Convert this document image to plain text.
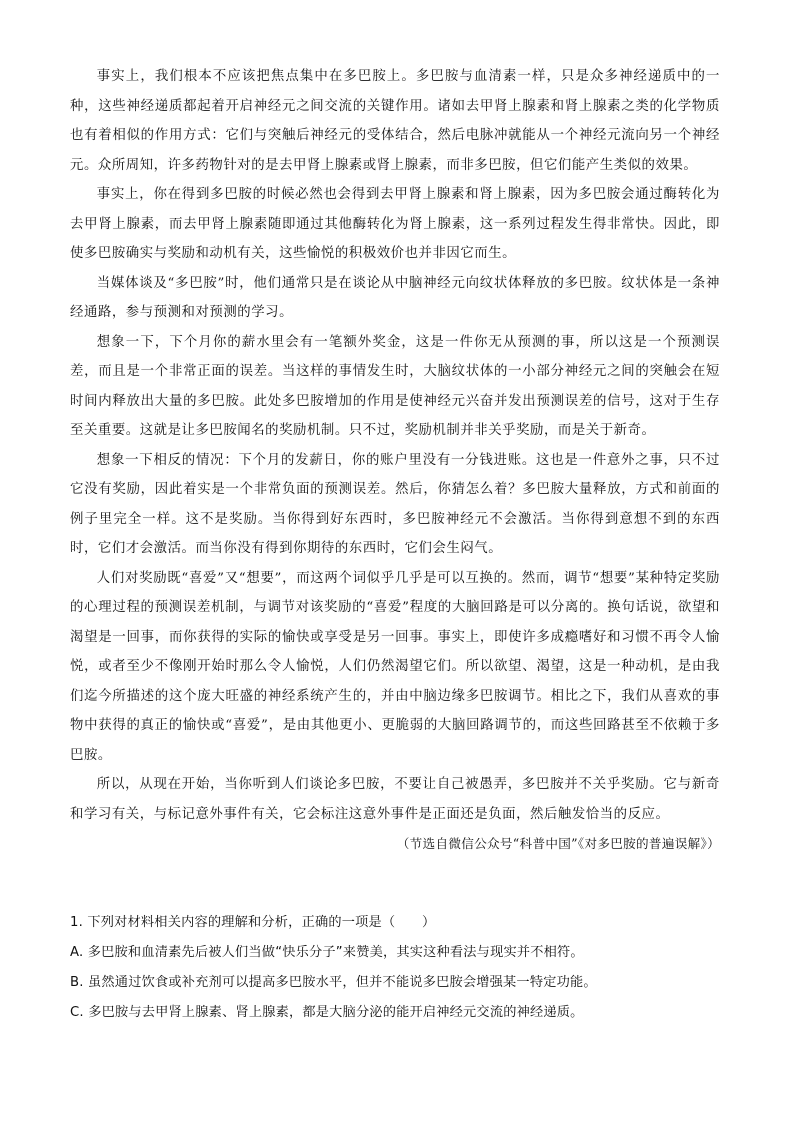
事实上，我们根本不应该把焦点集中在多巴胺上。多巴胺与血清素一样，只是众多神经递质中的一种，这些神经递质都起着开启神经元之间交流的关键作用。诸如去甲肾上腺素和肾上腺素之类的化学物质也有着相似的作用方式：它们与突触后神经元的受体结合，然后电脉冲就能从一个神经元流向另一个神经元。众所周知，许多药物针对的是去甲肾上腺素或肾上腺素，而非多巴胺，但它们能产生类似的效果。

事实上，你在得到多巴胺的时候必然也会得到去甲肾上腺素和肾上腺素，因为多巴胺会通过酶转化为去甲肾上腺素，而去甲肾上腺素随即通过其他酶转化为肾上腺素，这一系列过程发生得非常快。因此，即使多巴胺确实与奖励和动机有关，这些愉悦的积极效价也并非因它而生。

当媒体谈及“多巴胺”时，他们通常只是在谈论从中脑神经元向纹状体释放的多巴胺。纹状体是一条神经通路，参与预测和对预测的学习。

想象一下，下个月你的薪水里会有一笔额外奖金，这是一件你无从预测的事，所以这是一个预测误差，而且是一个非常正面的误差。当这样的事情发生时，大脑纹状体的一小部分神经元之间的突触会在短时间内释放出大量的多巴胺。此处多巴胺增加的作用是使神经元兴奋并发出预测误差的信号，这对于生存至关重要。这就是让多巴胺闻名的奖励机制。只不过，奖励机制并非关乎奖励，而是关于新奇。

想象一下相反的情况：下个月的发薪日，你的账户里没有一分钱进账。这也是一件意外之事，只不过它没有奖励，因此着实是一个非常负面的预测误差。然后，你猜怎么着？多巴胺大量释放，方式和前面的例子里完全一样。这不是奖励。当你得到好东西时，多巴胺神经元不会激活。当你得到意想不到的东西时，它们才会激活。而当你没有得到你期待的东西时，它们会生闷气。

人们对奖励既“喜爱”又“想要”，而这两个词似乎几乎是可以互换的。然而，调节“想要”某种特定奖励的心理过程的预测误差机制，与调节对该奖励的“喜爱”程度的大脑回路是可以分离的。换句话说，欲望和渴望是一回事，而你获得的实际的愉快或享受是另一回事。事实上，即使许多成瘾嗜好和习惯不再令人愉悦，或者至少不像刚开始时那么令人愉悦，人们仍然渴望它们。所以欲望、渴望，这是一种动机，是由我们迄今所描述的这个庞大旺盛的神经系统产生的，并由中脑边缘多巴胺调节。相比之下，我们从喜欢的事物中获得的真正的愉快或“喜爱”，是由其他更小、更脆弱的大脑回路调节的，而这些回路甚至不依赖于多巴胺。

所以，从现在开始，当你听到人们谈论多巴胺，不要让自己被愚弄，多巴胺并不关乎奖励。它与新奇和学习有关，与标记意外事件有关，它会标注这意外事件是正面还是负面，然后触发恰当的反应。

（节选自微信公众号“科普中国”《对多巴胺的普遍误解》）

1. 下列对材料相关内容的理解和分析，正确的一项是（　　）

A. 多巴胺和血清素先后被人们当做“快乐分子”来赞美，其实这种看法与现实并不相符。

B. 虽然通过饮食或补充剂可以提高多巴胺水平，但并不能说多巴胺会增强某一特定功能。

C. 多巴胺与去甲肾上腺素、肾上腺素，都是大脑分泌的能开启神经元交流的神经递质。
